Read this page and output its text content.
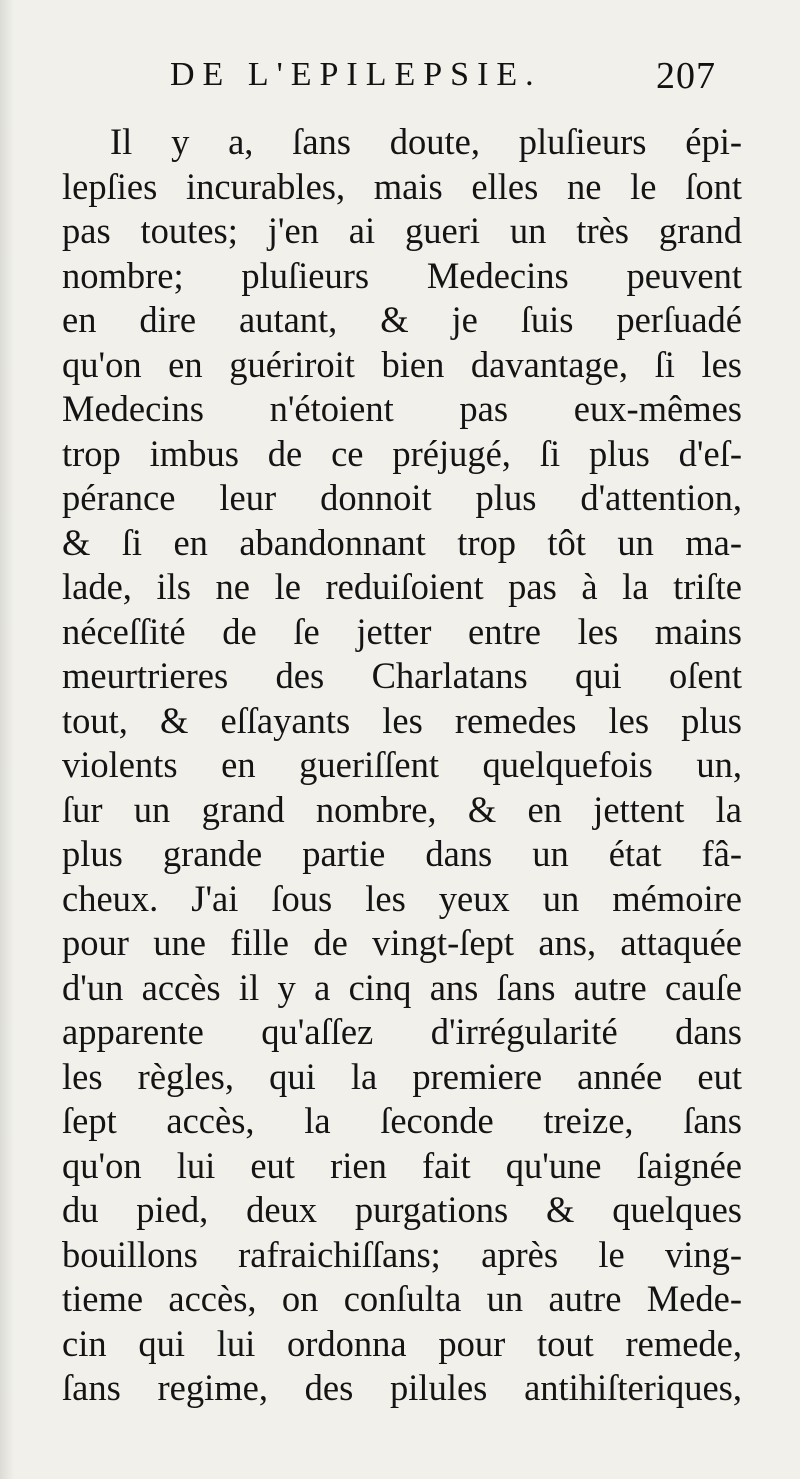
DE L'EPILEPSIE.	207
Il y a, ſans doute, pluſieurs épi-
lepſies incurables, mais elles ne le ſont
pas toutes; j'en ai gueri un très grand
nombre; pluſieurs Medecins peuvent
en dire autant, & je ſuis perſuadé
qu'on en guériroit bien davantage, ſi les
Medecins n'étoient pas eux-mêmes
trop imbus de ce préjugé, ſi plus d'eſ-
pérance leur donnoit plus d'attention,
& ſi en abandonnant trop tôt un ma-
lade, ils ne le reduiſoient pas à la triſte
néceſſité de ſe jetter entre les mains
meurtrieres des Charlatans qui oſent
tout, & eſſayants les remedes les plus
violents en gueriſſent quelquefois un,
ſur un grand nombre, & en jettent la
plus grande partie dans un état fâ-
cheux. J'ai ſous les yeux un mémoire
pour une fille de vingt-ſept ans, attaquée
d'un accès il y a cinq ans ſans autre cauſe
apparente qu'aſſez d'irrégularité dans
les règles, qui la premiere année eut
ſept accès, la ſeconde treize, ſans
qu'on lui eut rien fait qu'une ſaignée
du pied, deux purgations & quelques
bouillons rafraichiſſans; après le ving-
tieme accès, on conſulta un autre Mede-
cin qui lui ordonna pour tout remede,
ſans regime, des pilules antihiſteriques,
